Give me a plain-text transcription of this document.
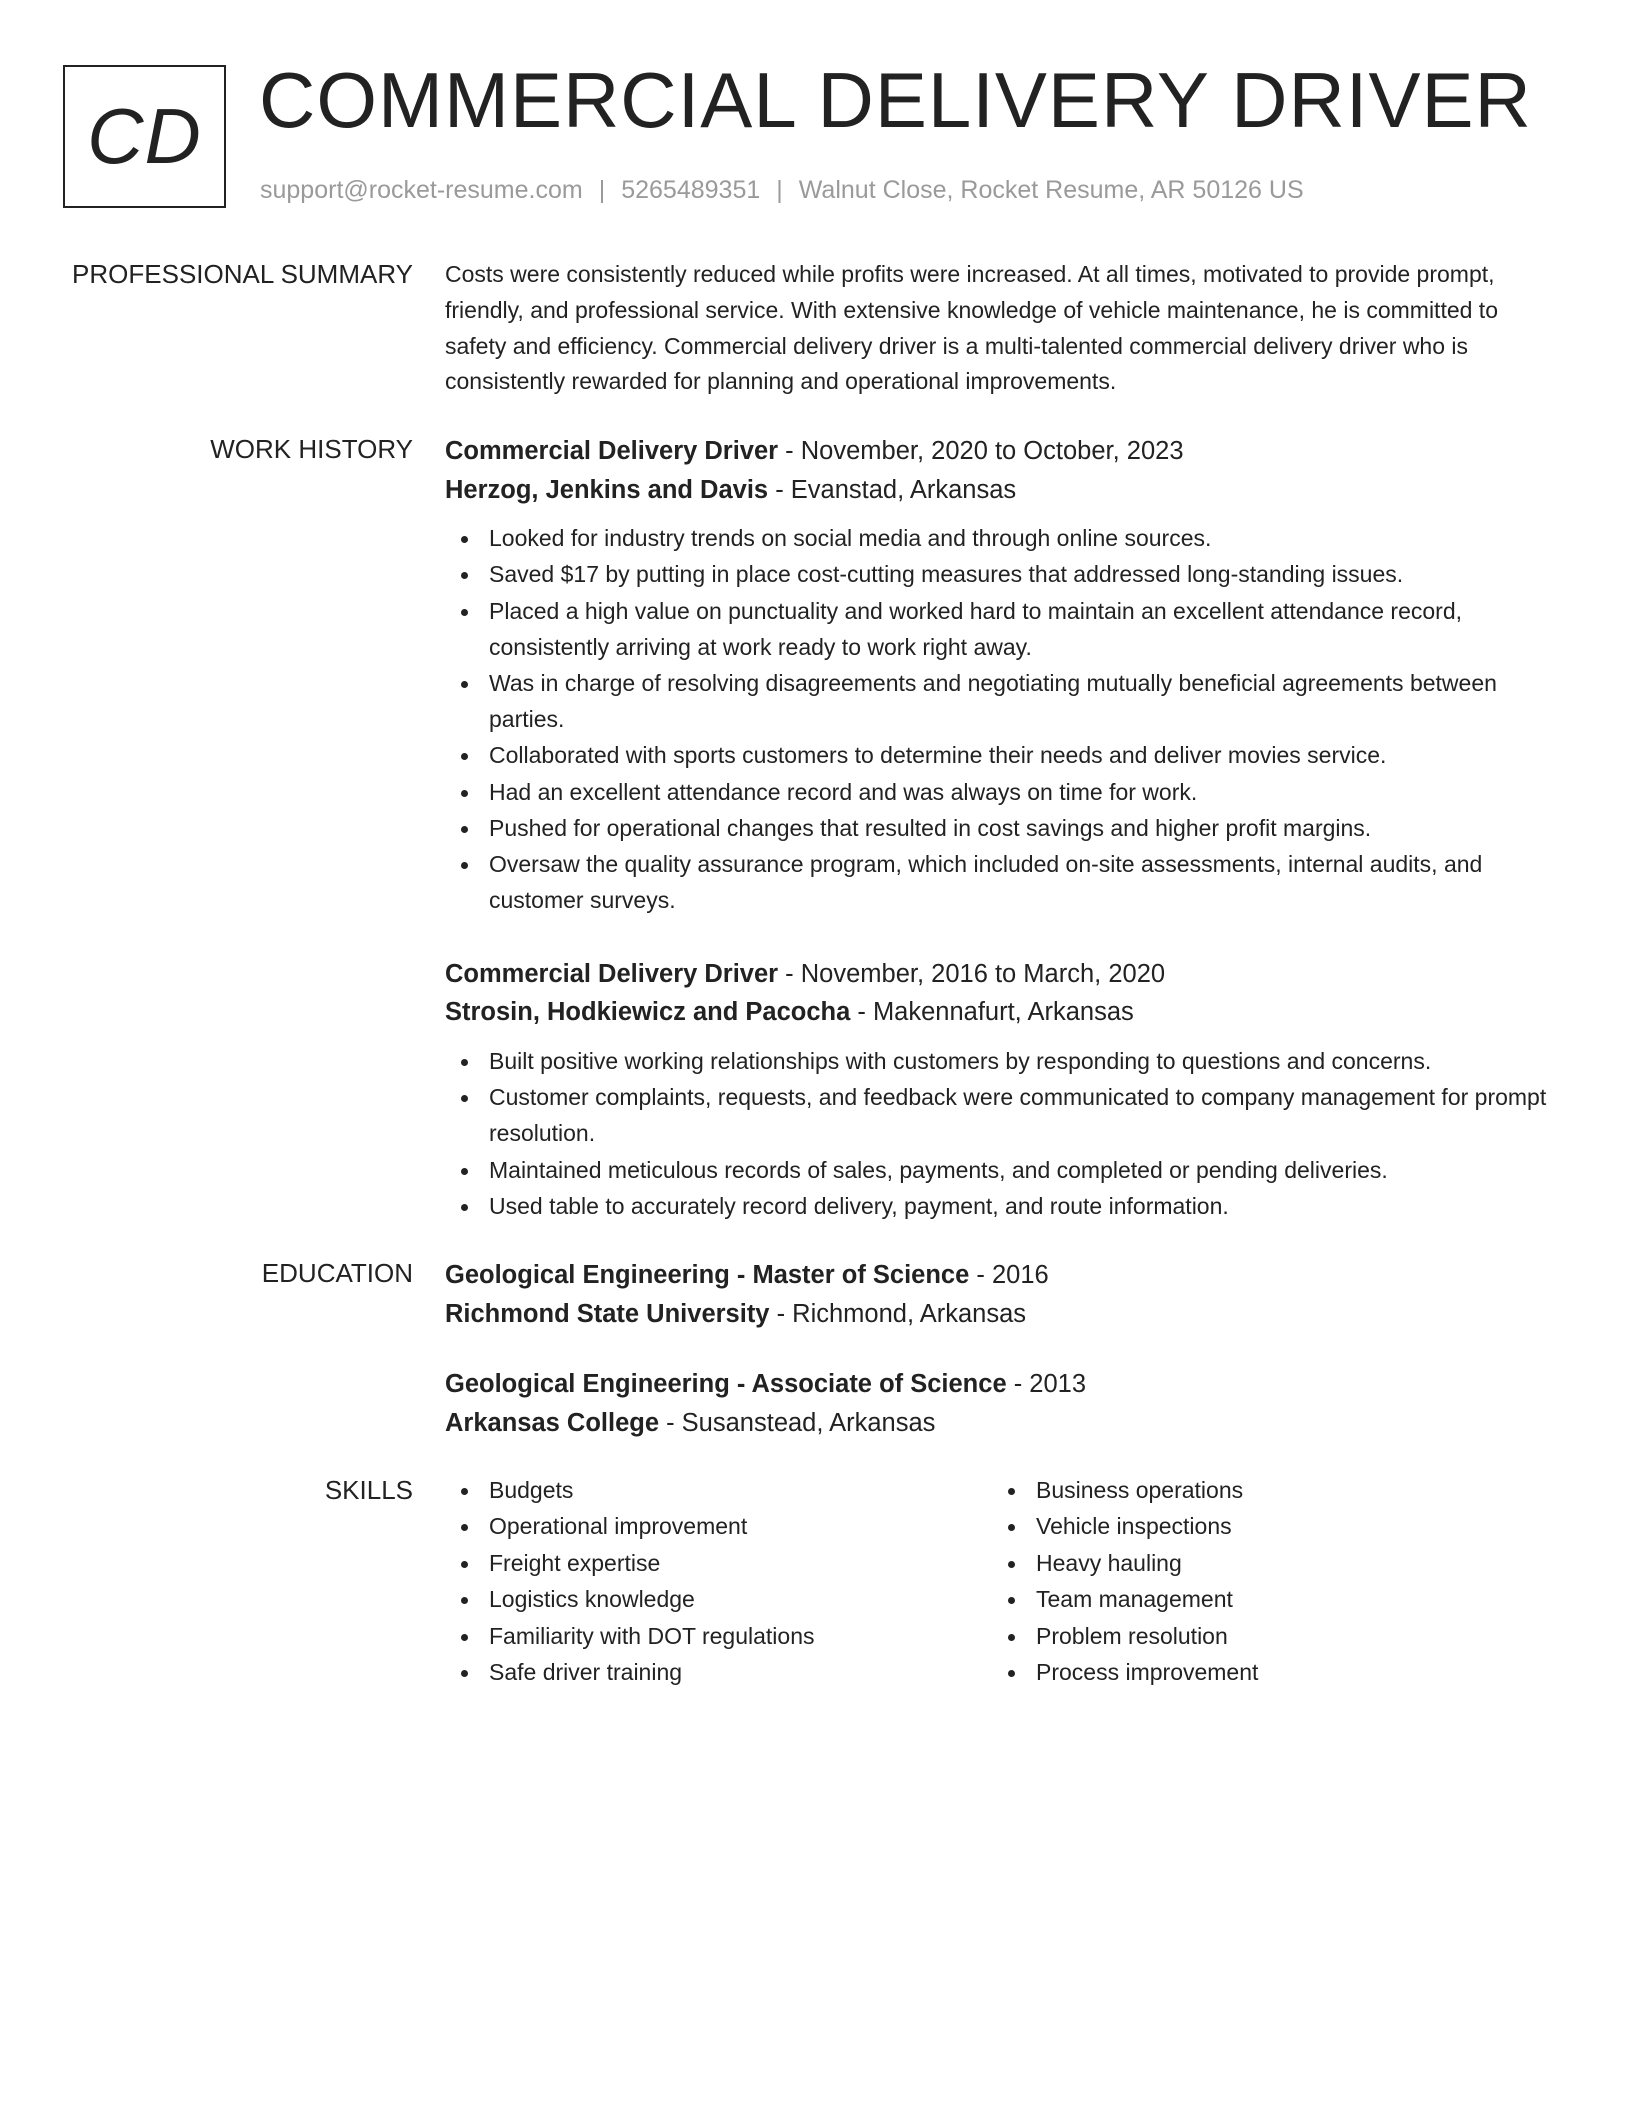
CD COMMERCIAL DELIVERY DRIVER
support@rocket-resume.com | 5265489351 | Walnut Close, Rocket Resume, AR 50126 US
PROFESSIONAL SUMMARY Costs were consistently reduced while profits were increased. At all times, motivated to provide prompt, friendly, and professional service. With extensive knowledge of vehicle maintenance, he is committed to safety and efficiency. Commercial delivery driver is a multi-talented commercial delivery driver who is consistently rewarded for planning and operational improvements.

WORK HISTORY Commercial Delivery Driver - November, 2020 to October, 2023
Herzog, Jenkins and Davis - Evanstad, Arkansas
Looked for industry trends on social media and through online sources.
Saved $17 by putting in place cost-cutting measures that addressed long-standing issues.
Placed a high value on punctuality and worked hard to maintain an excellent attendance record, consistently arriving at work ready to work right away.
Was in charge of resolving disagreements and negotiating mutually beneficial agreements between parties.
Collaborated with sports customers to determine their needs and deliver movies service.
Had an excellent attendance record and was always on time for work.
Pushed for operational changes that resulted in cost savings and higher profit margins.
Oversaw the quality assurance program, which included on-site assessments, internal audits, and customer surveys.
Commercial Delivery Driver - November, 2016 to March, 2020
Strosin, Hodkiewicz and Pacocha - Makennafurt, Arkansas
Built positive working relationships with customers by responding to questions and concerns.
Customer complaints, requests, and feedback were communicated to company management for prompt resolution.
Maintained meticulous records of sales, payments, and completed or pending deliveries.
Used table to accurately record delivery, payment, and route information.
EDUCATION Geological Engineering - Master of Science - 2016
Richmond State University - Richmond, Arkansas
Geological Engineering - Associate of Science - 2013
Arkansas College - Susanstead, Arkansas
SKILLS	Budgets
Operational improvement
Freight expertise
Logistics knowledge
Familiarity with DOT regulations
Safe driver training
Business operations
Vehicle inspections
Heavy hauling
Team management
Problem resolution
Process improvement
